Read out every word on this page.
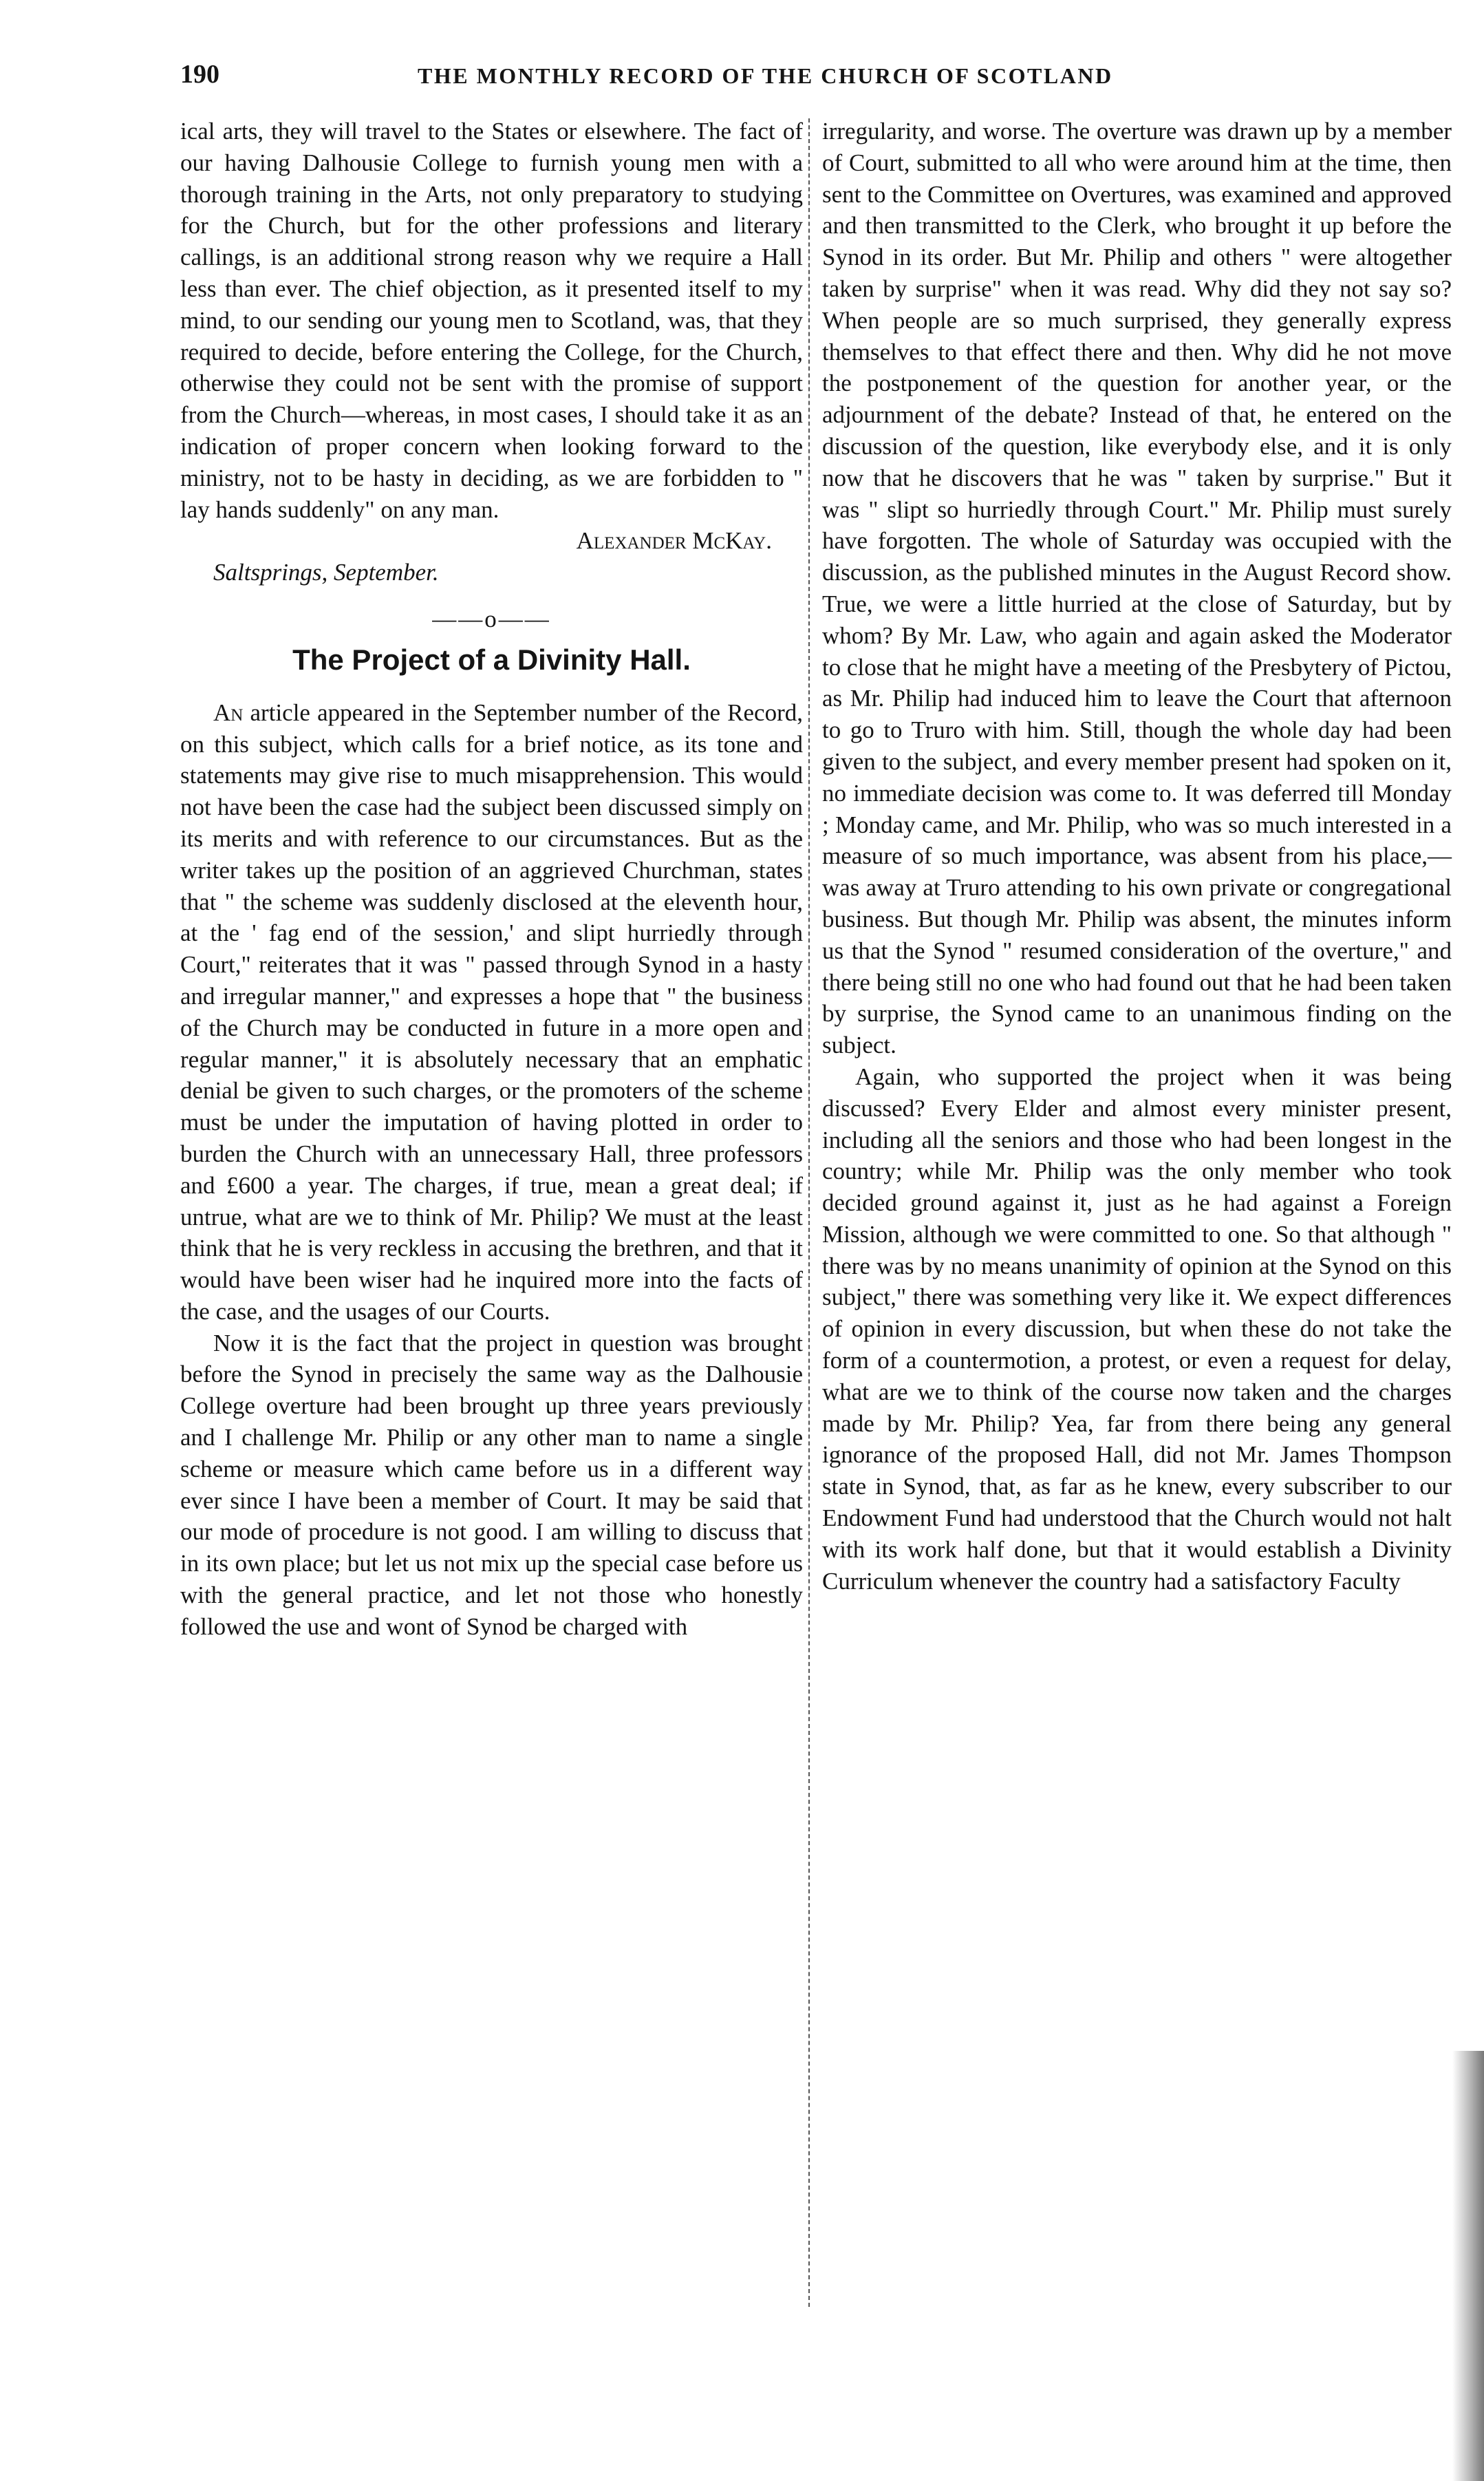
190	THE MONTHLY RECORD OF THE CHURCH OF SCOTLAND

ical arts, they will travel to the States or elsewhere. The fact of our having Dalhousie College to furnish young men with a thorough training in the Arts, not only preparatory to studying for the Church, but for the other professions and literary callings, is an additional strong reason why we require a Hall less than ever. The chief objection, as it presented itself to my mind, to our sending our young men to Scotland, was, that they required to decide, before entering the College, for the Church, otherwise they could not be sent with the promise of support from the Church—whereas, in most cases, I should take it as an indication of proper concern when looking forward to the ministry, not to be hasty in deciding, as we are forbidden to " lay hands suddenly" on any man.

Alexander McKay.
Saltsprings, September.
——o——
The Project of a Divinity Hall.

An article appeared in the September number of the Record, on this subject, which calls for a brief notice, as its tone and statements may give rise to much misapprehension. This would not have been the case had the subject been discussed simply on its merits and with reference to our circumstances. But as the writer takes up the position of an aggrieved Churchman, states that " the scheme was suddenly disclosed at the eleventh hour, at the ' fag end of the session,' and slipt hurriedly through Court," reiterates that it was " passed through Synod in a hasty and irregular manner," and expresses a hope that " the business of the Church may be conducted in future in a more open and regular manner," it is absolutely necessary that an emphatic denial be given to such charges, or the promoters of the scheme must be under the imputation of having plotted in order to burden the Church with an unnecessary Hall, three professors and £600 a year. The charges, if true, mean a great deal; if untrue, what are we to think of Mr. Philip? We must at the least think that he is very reckless in accusing the brethren, and that it would have been wiser had he inquired more into the facts of the case, and the usages of our Courts.

Now it is the fact that the project in question was brought before the Synod in precisely the same way as the Dalhousie College overture had been brought up three years previously and I challenge Mr. Philip or any other man to name a single scheme or measure which came before us in a different way ever since I have been a member of Court. It may be said that our mode of procedure is not good. I am willing to discuss that in its own place; but let us not mix up the special case before us with the general practice, and let not those who honestly followed the use and wont of Synod be charged with

irregularity, and worse. The overture was drawn up by a member of Court, submitted to all who were around him at the time, then sent to the Committee on Overtures, was examined and approved and then transmitted to the Clerk, who brought it up before the Synod in its order. But Mr. Philip and others " were altogether taken by surprise" when it was read. Why did they not say so? When people are so much surprised, they generally express themselves to that effect there and then. Why did he not move the postponement of the question for another year, or the adjournment of the debate? Instead of that, he entered on the discussion of the question, like everybody else, and it is only now that he discovers that he was " taken by surprise." But it was " slipt so hurriedly through Court." Mr. Philip must surely have forgotten. The whole of Saturday was occupied with the discussion, as the published minutes in the August Record show. True, we were a little hurried at the close of Saturday, but by whom? By Mr. Law, who again and again asked the Moderator to close that he might have a meeting of the Presbytery of Pictou, as Mr. Philip had induced him to leave the Court that afternoon to go to Truro with him. Still, though the whole day had been given to the subject, and every member present had spoken on it, no immediate decision was come to. It was deferred till Monday ; Monday came, and Mr. Philip, who was so much interested in a measure of so much importance, was absent from his place,—was away at Truro attending to his own private or congregational business. But though Mr. Philip was absent, the minutes inform us that the Synod " resumed consideration of the overture," and there being still no one who had found out that he had been taken by surprise, the Synod came to an unanimous finding on the subject.

Again, who supported the project when it was being discussed? Every Elder and almost every minister present, including all the seniors and those who had been longest in the country; while Mr. Philip was the only member who took decided ground against it, just as he had against a Foreign Mission, although we were committed to one. So that although " there was by no means unanimity of opinion at the Synod on this subject," there was something very like it. We expect differences of opinion in every discussion, but when these do not take the form of a countermotion, a protest, or even a request for delay, what are we to think of the course now taken and the charges made by Mr. Philip? Yea, far from there being any general ignorance of the proposed Hall, did not Mr. James Thompson state in Synod, that, as far as he knew, every subscriber to our Endowment Fund had understood that the Church would not halt with its work half done, but that it would establish a Divinity Curriculum whenever the country had a satisfactory Faculty
